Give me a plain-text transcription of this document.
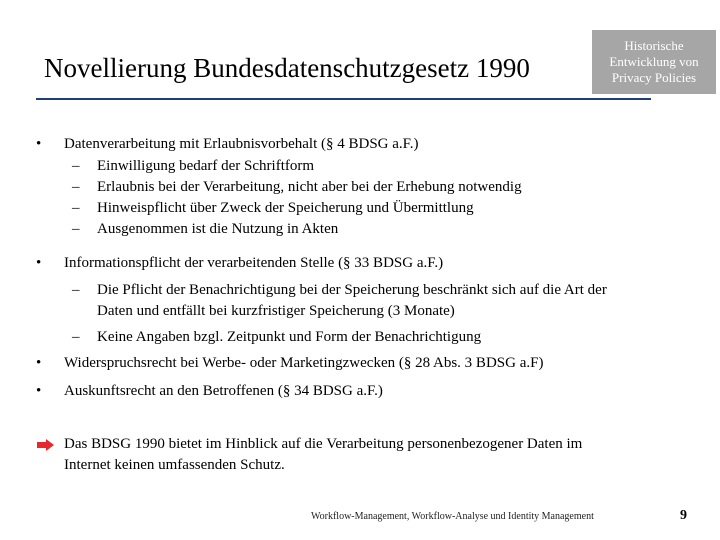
Novellierung Bundesdatenschutzgesetz 1990
Historische Entwicklung von Privacy Policies
•	Datenverarbeitung mit Erlaubnisvorbehalt (§ 4 BDSG a.F.)
– Einwilligung bedarf der Schriftform
– Erlaubnis bei der Verarbeitung, nicht aber bei der Erhebung notwendig
– Hinweispflicht über Zweck der Speicherung und Übermittlung
– Ausgenommen ist die Nutzung in Akten
•	Informationspflicht der verarbeitenden Stelle (§ 33 BDSG a.F.)
– Die Pflicht der Benachrichtigung bei der Speicherung beschränkt sich auf die Art der Daten und entfällt bei kurzfristiger Speicherung (3 Monate)
– Keine Angaben bzgl. Zeitpunkt und Form der Benachrichtigung
•	Widerspruchsrecht bei Werbe- oder Marketingzwecken (§ 28 Abs. 3 BDSG a.F)
•	Auskunftsrecht an den Betroffenen (§ 34 BDSG a.F.)
Das BDSG 1990 bietet im Hinblick auf die Verarbeitung personenbezogener Daten im Internet keinen umfassenden Schutz.
Workflow-Management, Workflow-Analyse und Identity Management	9
